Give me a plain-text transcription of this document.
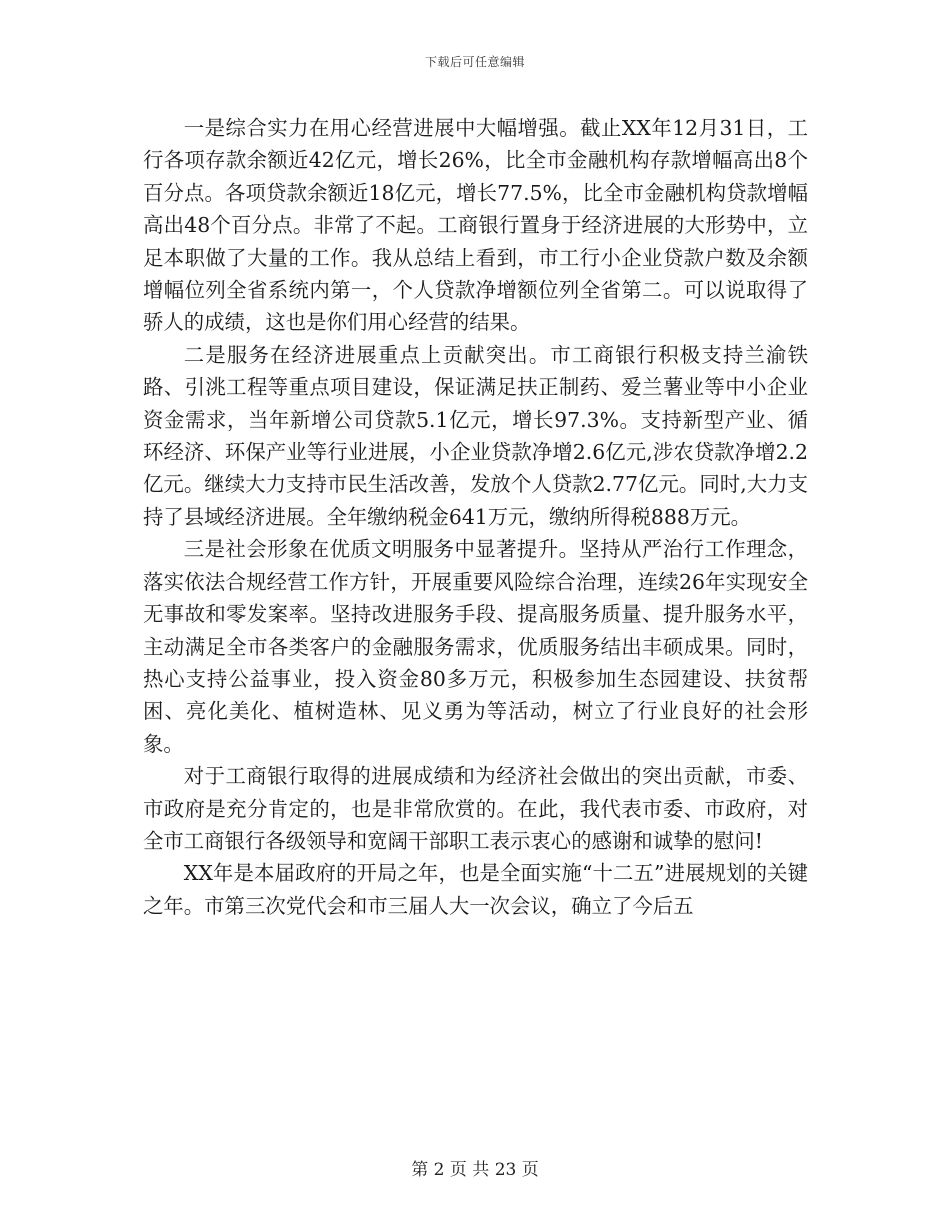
下载后可任意编辑

一是综合实力在用心经营进展中大幅增强。截止XX年12月31日，工行各项存款余额近42亿元，增长26%，比全市金融机构存款增幅高出8个百分点。各项贷款余额近18亿元，增长77.5%，比全市金融机构贷款增幅高出48个百分点。非常了不起。工商银行置身于经济进展的大形势中，立足本职做了大量的工作。我从总结上看到，市工行小企业贷款户数及余额增幅位列全省系统内第一，个人贷款净增额位列全省第二。可以说取得了骄人的成绩，这也是你们用心经营的结果。

二是服务在经济进展重点上贡献突出。市工商银行积极支持兰渝铁路、引洮工程等重点项目建设，保证满足扶正制药、爱兰薯业等中小企业资金需求，当年新增公司贷款5.1亿元，增长97.3%。支持新型产业、循环经济、环保产业等行业进展，小企业贷款净增2.6亿元,涉农贷款净增2.2亿元。继续大力支持市民生活改善，发放个人贷款2.77亿元。同时,大力支持了县域经济进展。全年缴纳税金641万元，缴纳所得税888万元。

三是社会形象在优质文明服务中显著提升。坚持从严治行工作理念，落实依法合规经营工作方针，开展重要风险综合治理，连续26年实现安全无事故和零发案率。坚持改进服务手段、提高服务质量、提升服务水平，主动满足全市各类客户的金融服务需求，优质服务结出丰硕成果。同时，热心支持公益事业，投入资金80多万元，积极参加生态园建设、扶贫帮困、亮化美化、植树造林、见义勇为等活动，树立了行业良好的社会形象。

对于工商银行取得的进展成绩和为经济社会做出的突出贡献，市委、市政府是充分肯定的，也是非常欣赏的。在此，我代表市委、市政府，对全市工商银行各级领导和宽阔干部职工表示衷心的感谢和诚挚的慰问!

XX年是本届政府的开局之年，也是全面实施“十二五”进展规划的关键之年。市第三次党代会和市三届人大一次会议，确立了今后五

第 2 页 共 23 页
